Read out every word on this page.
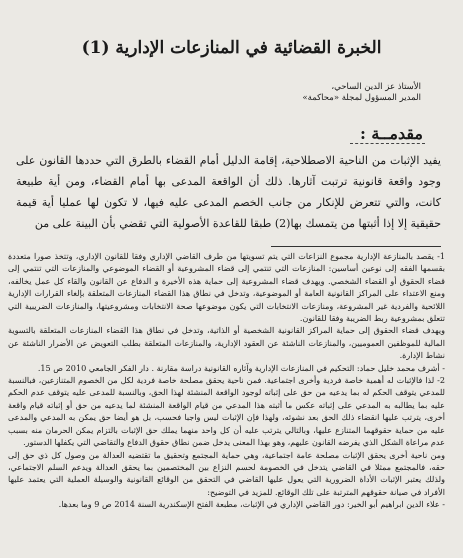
الخبرة القضائية في المنازعات الإدارية (1)
الأستاذ عز الدين الساحي،
المدير المسؤول لمجلة «محاكمة»
مقدمــة :
يفيد الإثبات من الناحية الاصطلاحية، إقامة الدليل أمام القضاء بالطرق التي حددها القانون على وجود واقعة قانونية ترتبت آثارها. ذلك أن الواقعة المدعى بها أمام القضاء، ومن أية طبيعة كانت، والتي تتعرض للإنكار من جانب الخصم المدعى عليه فيها، لا تكون لها عمليا أية قيمة حقيقية إلا إذا أثبتها من يتمسك بها(2) طبقا للقاعدة الأصولية التي تقضي بأن البينة على من
1- يقصد بالمنازعة الإدارية مجموع النزاعات التي يتم تسويتها من طرف القاضي الإداري وفقا للقانون الإداري، وتتخذ صورا متعددة بقسمها الفقه إلى نوعين أساسين: المنازعات التي تنتمي إلى قضاء المشروعية أو القضاء الموضوعي والمنازعات التي تنتمي إلى قضاء الحقوق أو القضاء الشخصي. ويهدف قضاء المشروعية إلى حماية هذه الأخيرة و الدفاع عن القانون والقاء كل عمل يخالفه، ومنع الاعتداء على المراكز القانونية العامة أو الموضوعية، وتدخل في نطاق هذا القضاء المنازعات المتعلقة بإلغاء القرارات الإدارية اللائحية والفردية غير المشروعة، ومنازعات الانتخابات التي يكون موضوعها صحة الانتخابات ومشروعيتها، والمنازعات الضريبية التي تتعلق بمشروعية ربط الضريبة وفقا للقانون.
ويهدف قضاء الحقوق إلى حماية المراكز القانونية الشخصية أو الذاتية، وتدخل في نطاق هذا القضاء المنازعات المتعلقة بالتسوية المالية للموظفين العموميين، والمنازعات الناشئة عن العقود الإدارية، والمنازعات المتعلقة بطلب التعويض عن الأضرار الناشئة عن نشاط الإدارة.
- أشرف محمد خليل حماد: التحكيم في المنازعات الإدارية وآثاره القانونية دراسة مقارنة . دار الفكر الجامعي 2010 ص 15.
2- لذا فالإثبات له أهمية خاصة فردية وأخرى اجتماعية. فمن ناحية يحقق مصلحة خاصة فردية لكل من الخصوم المتنازعين، فبالنسبة للمدعي يتوقف الحكم له بما يدعيه من حق على إثباته لوجود الواقعة المنشئة لهذا الحق، وبالنسبة للمدعى عليه يتوقف عدم الحكم عليه بما يطالبه به المدعي على إثباته عكس ما أثبته هذا المدعي من قيام الواقعة المنشئة لما يدعيه من حق أو إثباته قيام واقعة أخرى، يترتب عليها انقضاء ذلك الحق بعد نشوئه، ولهذا فإن الإثبات ليس واجبا فحسب، بل هو أيضا حق يمكن به المدعي والمدعى عليه من حماية حقوقهما المتنازع عليها، وبالتالي يترتب عليه أن كل واحد منهما يملك حق الإثبات بالتزام يمكن الحرمان منه بسبب عدم مراعاة الشكل الذي يفرضه القانون عليهم، وهو بهذا المعنى يدخل ضمن نطاق حقوق الدفاع والتقاضي التي يكفلها الدستور.
ومن ناحية أخرى يحقق الإثبات مصلحة عامة اجتماعية، وهي حماية المجتمع وتحقيق ما تقتضيه العدالة من وصول كل ذي حق إلى حقه، فالمجتمع ممثلا في القاضي يتدخل في الخصومة لحسم النزاع بين المختصمين بما يحقق العدالة ويدعم السلم الاجتماعي، ولذلك يعتبر الإثبات الأداة الضرورية التي يعول عليها القاضي في التحقق من الوقائع القانونية والوسيلة العملية التي يعتمد عليها الأفراد في صيانة حقوقهم المترتبة على تلك الوقائع. للمزيد في التوضيح:
- علاء الدين ابراهيم أبو الخير: دور القاضي الإداري في الإثبات، مطبعة الفتح الإسكندرية السنة 2014 ص 9 وما بعدها.
